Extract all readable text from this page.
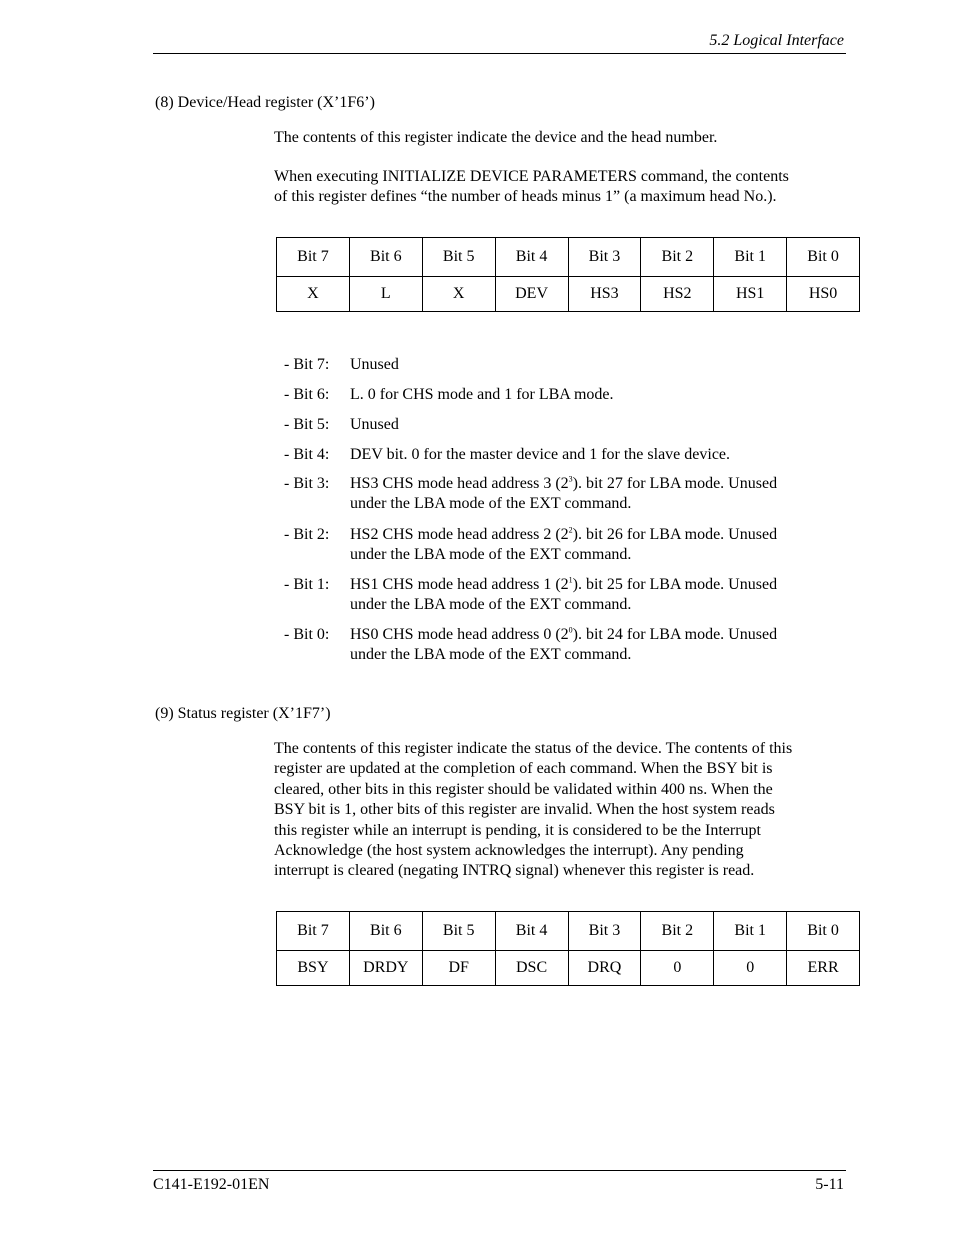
5.2 Logical Interface
(8) Device/Head register (X’1F6’)
The contents of this register indicate the device and the head number.
When executing INITIALIZE DEVICE PARAMETERS command, the contents
of this register defines “the number of heads minus 1” (a maximum head No.).
Bit 7	Bit 6	Bit 5	Bit 4	Bit 3	Bit 2	Bit 1	Bit 0
X	L	X	DEV	HS3	HS2	HS1	HS0
- Bit 7: Unused
- Bit 6: L. 0 for CHS mode and 1 for LBA mode.
- Bit 5: Unused
- Bit 4: DEV bit. 0 for the master device and 1 for the slave device.
- Bit 3: HS3 CHS mode head address 3 $(2^3)$. bit 27 for LBA mode. Unused
under the LBA mode of the EXT command.
- Bit 2: HS2 CHS mode head address 2 $(2^2)$. bit 26 for LBA mode. Unused
under the LBA mode of the EXT command.
- Bit 1: HS1 CHS mode head address 1 $(2^1)$. bit 25 for LBA mode. Unused
under the LBA mode of the EXT command.
- Bit 0: HS0 CHS mode head address 0 $(2^0)$. bit 24 for LBA mode. Unused
under the LBA mode of the EXT command.
(9) Status register (X’1F7’)
The contents of this register indicate the status of the device. The contents of this
register are updated at the completion of each command. When the BSY bit is
cleared, other bits in this register should be validated within 400 ns. When the
BSY bit is 1, other bits of this register are invalid. When the host system reads
this register while an interrupt is pending, it is considered to be the Interrupt
Acknowledge (the host system acknowledges the interrupt). Any pending
interrupt is cleared (negating INTRQ signal) whenever this register is read.
Bit 7	Bit 6	Bit 5	Bit 4	Bit 3	Bit 2	Bit 1	Bit 0
BSY	DRDY	DF	DSC	DRQ	0	0	ERR
C141-E192-01EN	5-11
